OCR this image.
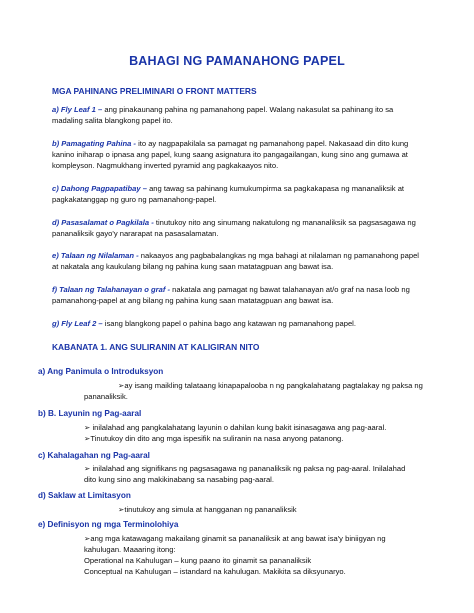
BAHAGI NG PAMANAHONG PAPEL
MGA PAHINANG PRELIMINARI O FRONT MATTERS
a) Fly Leaf 1 – ang pinakaunang pahina ng pamanahong papel. Walang nakasulat sa pahinang ito sa madaling salita blangkong papel ito.
b) Pamagating Pahina - ito ay nagpapakilala sa pamagat ng pamanahong papel. Nakasaad din dito kung kanino iniharap o ipnasa ang papel, kung saang asignatura ito pangagailangan, kung sino ang gumawa at kompleyson. Nagmukhang inverted pyramid ang pagkakaayos nito.
c) Dahong Pagpapatibay – ang tawag sa pahinang kumukumpirma sa pagkakapasa ng mananaliksik at pagkakatanggap ng guro ng pamanahong-papel.
d) Pasasalamat o Pagkilala - tinutukoy nito ang sinumang nakatulong ng mananaliksik sa pagsasagawa ng pananaliksik gayo'y nararapat na pasasalamatan.
e) Talaan ng Nilalaman - nakaayos ang pagbabalangkas ng mga bahagi at nilalaman ng pamanahong papel at nakatala ang kaukulang bilang ng pahina kung saan matatagpuan ang bawat isa.
f) Talaan ng Talahanayan o graf - nakatala ang pamagat ng bawat talahanayan at/o graf na nasa loob ng pamanahong-papel at ang bilang ng pahina kung saan matatagpuan ang bawat isa.
g) Fly Leaf 2 – isang blangkong papel o pahina bago ang katawan ng pamanahong papel.
KABANATA 1. ANG SULIRANIN AT KALIGIRAN NITO
a) Ang Panimula o Introduksyon
➢ay isang maikling talataang kinapapalooba n ng pangkalahatang pagtalakay ng paksa ng
pananaliksik.
b) B. Layunin ng Pag-aaral
➢ inilalahad ang pangkalahatang layunin o dahilan kung bakit isinasagawa ang pag-aaral.
➢Tinutukoy din dito ang mga ispesifik na suliranin na nasa anyong patanong.
c) Kahalagahan ng Pag-aaral
➢ inilalahad ang signifikans ng pagsasagawa ng pananaliksik ng paksa ng pag-aaral. Inilalahad
dito kung sino ang makikinabang sa nasabing pag-aaral.
d) Saklaw at Limitasyon
➢tinutukoy ang simula at hangganan ng pananaliksik
e) Definisyon ng mga Terminolohiya
➢ang mga katawagang makailang ginamit sa pananaliksik at ang bawat isa'y biniigyan ng
kahulugan. Maaaring itong:
Operational na Kahulugan – kung paano ito ginamit sa pananaliksik
Conceptual na Kahulugan – istandard na kahulugan. Makikita sa diksyunaryo.
